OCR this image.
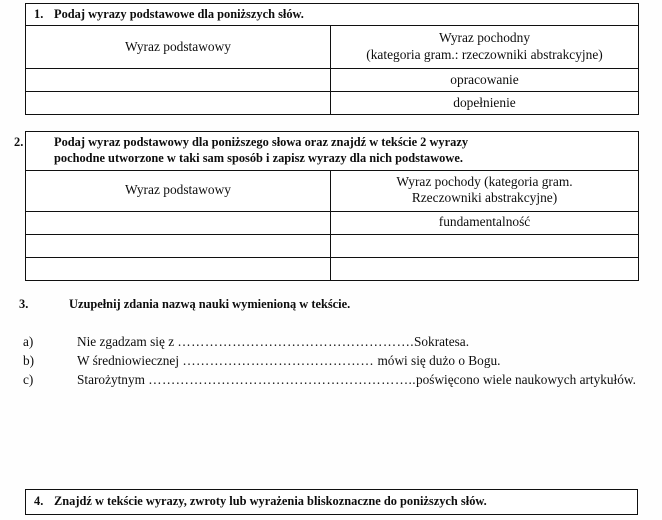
1. Podaj wyrazy podstawowe dla poniższych słów.	
Wyraz podstawowy	Wyraz pochodny
(kategoria gram.: rzeczowniki abstrakcyjne)

	opracowanie
	dopełnienie
2. Podaj wyraz podstawowy dla poniższego słowa oraz znajdź w tekście 2 wyrazy
pochodne utworzone w taki sam sposób i zapisz wyrazy dla nich podstawowe.	

Wyraz podstawowy	Wyraz pochody (kategoria gram.
Rzeczowniki abstrakcyjne)

	fundamentalność

3.	Uzupełnij zdania nazwą nauki wymienioną w tekście.

a)	Nie zgadzam się z …………………………………………….Sokratesa.
b)	W średniowiecznej …………………………………… mówi się dużo o Bogu.
c)	Starożytnym …………………………………………………..poświęcono wiele naukowych artykułów.
4. Znajdź w tekście wyrazy, zwroty lub wyrażenia bliskoznaczne do poniższych słów.
